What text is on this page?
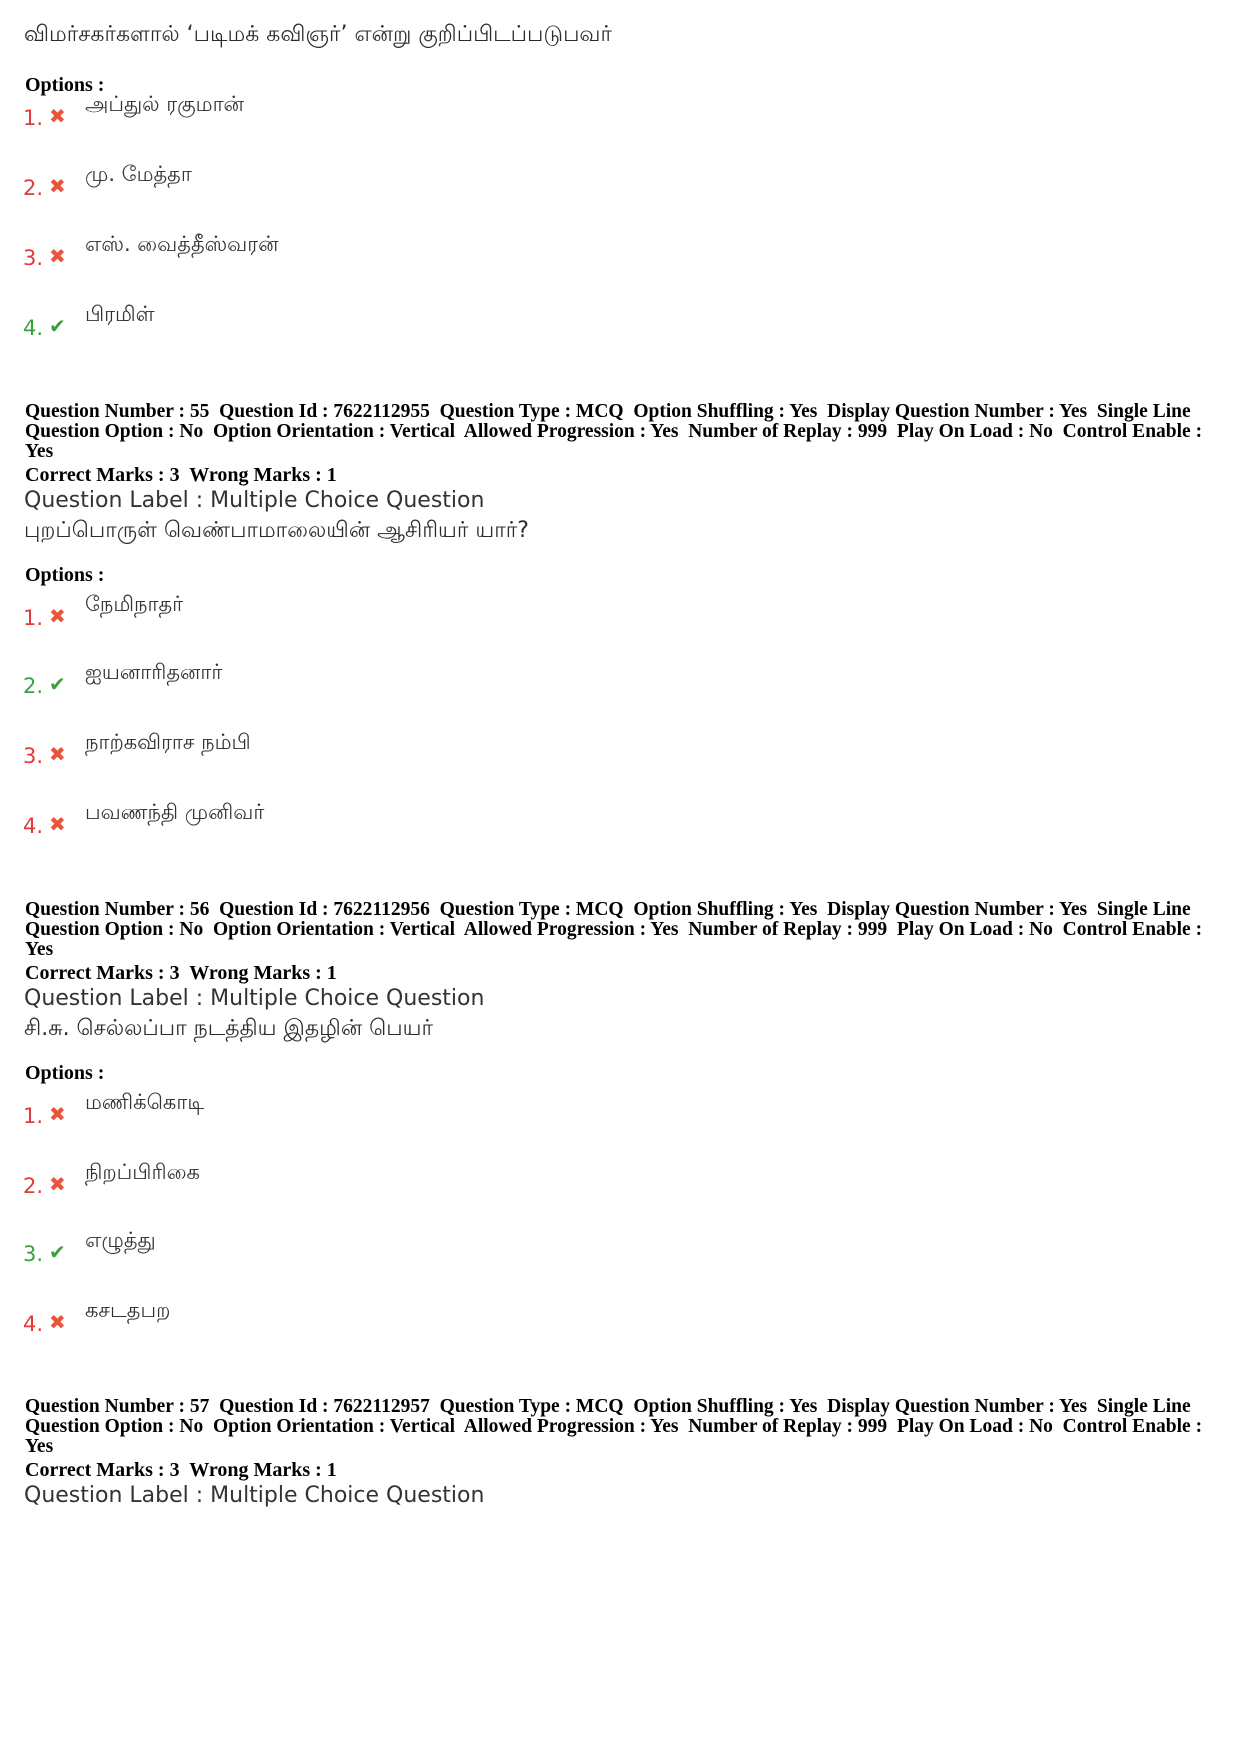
விமர்சகர்களால் ‘படிமக் கவிஞர்’ என்று குறிப்பிடப்படுபவர்
Options :
1. ✖ அப்துல் ரகுமான்
2. ✖ மு. மேத்தா
3. ✖ எஸ். வைத்தீஸ்வரன்
4. ✔ பிரமிள்
Question Number : 55  Question Id : 7622112955  Question Type : MCQ  Option Shuffling : Yes  Display Question Number : Yes  Single Line Question Option : No  Option Orientation : Vertical  Allowed Progression : Yes  Number of Replay : 999  Play On Load : No  Control Enable : Yes
Correct Marks : 3  Wrong Marks : 1
Question Label : Multiple Choice Question
புறப்பொருள் வெண்பாமாலையின் ஆசிரியர் யார்?
Options :
1. ✖ நேமிநாதர்
2. ✔ ஐயனாரிதனார்
3. ✖ நாற்கவிராச நம்பி
4. ✖ பவணந்தி முனிவர்
Question Number : 56  Question Id : 7622112956  Question Type : MCQ  Option Shuffling : Yes  Display Question Number : Yes  Single Line Question Option : No  Option Orientation : Vertical  Allowed Progression : Yes  Number of Replay : 999  Play On Load : No  Control Enable : Yes
Correct Marks : 3  Wrong Marks : 1
Question Label : Multiple Choice Question
சி.சு. செல்லப்பா நடத்திய இதழின் பெயர்
Options :
1. ✖ மணிக்கொடி
2. ✖ நிறப்பிரிகை
3. ✔ எழுத்து
4. ✖ கசடதபற
Question Number : 57  Question Id : 7622112957  Question Type : MCQ  Option Shuffling : Yes  Display Question Number : Yes  Single Line Question Option : No  Option Orientation : Vertical  Allowed Progression : Yes  Number of Replay : 999  Play On Load : No  Control Enable : Yes
Correct Marks : 3  Wrong Marks : 1
Question Label : Multiple Choice Question
